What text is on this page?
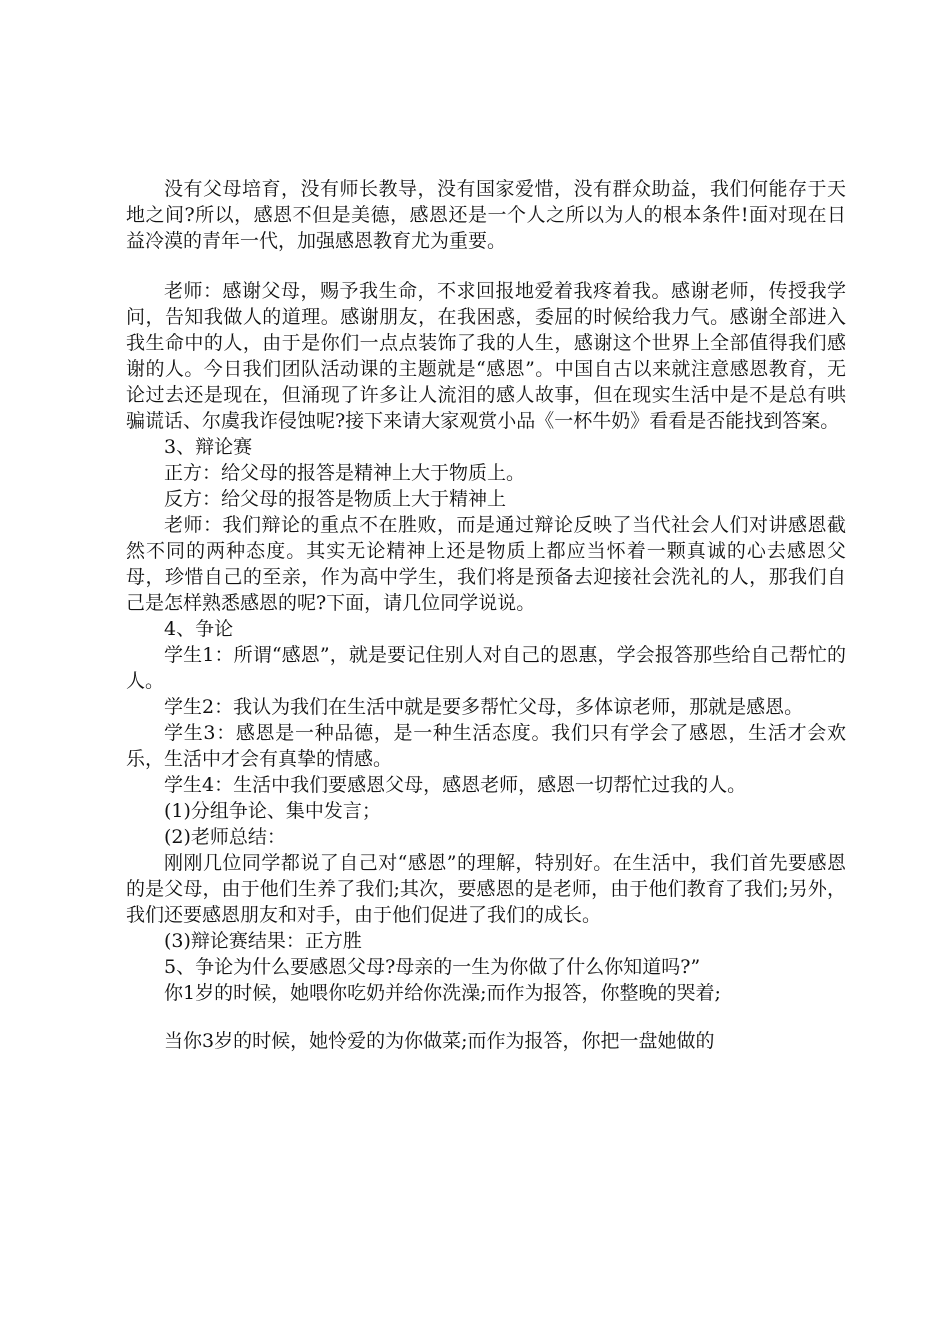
没有父母培育，没有师长教导，没有国家爱惜，没有群众助益，我们何能存于天地之间?所以，感恩不但是美德，感恩还是一个人之所以为人的根本条件!面对现在日益冷漠的青年一代，加强感恩教育尤为重要。

老师：感谢父母，赐予我生命，不求回报地爱着我疼着我。感谢老师，传授我学问，告知我做人的道理。感谢朋友，在我困惑，委屈的时候给我力气。感谢全部进入我生命中的人，由于是你们一点点装饰了我的人生，感谢这个世界上全部值得我们感谢的人。今日我们团队活动课的主题就是“感恩”。中国自古以来就注意感恩教育，无论过去还是现在，但涌现了许多让人流泪的感人故事，但在现实生活中是不是总有哄骗谎话、尔虞我诈侵蚀呢?接下来请大家观赏小品《一杯牛奶》看看是否能找到答案。

3、辩论赛

正方：给父母的报答是精神上大于物质上。

反方：给父母的报答是物质上大于精神上

老师：我们辩论的重点不在胜败，而是通过辩论反映了当代社会人们对讲感恩截然不同的两种态度。其实无论精神上还是物质上都应当怀着一颗真诚的心去感恩父母，珍惜自己的至亲，作为高中学生，我们将是预备去迎接社会洗礼的人，那我们自己是怎样熟悉感恩的呢?下面，请几位同学说说。

4、争论

学生1：所谓“感恩”，就是要记住别人对自己的恩惠，学会报答那些给自己帮忙的人。

学生2：我认为我们在生活中就是要多帮忙父母，多体谅老师，那就是感恩。

学生3：感恩是一种品德，是一种生活态度。我们只有学会了感恩，生活才会欢乐，生活中才会有真挚的情感。

学生4：生活中我们要感恩父母，感恩老师，感恩一切帮忙过我的人。

(1)分组争论、集中发言；

(2)老师总结：

刚刚几位同学都说了自己对“感恩”的理解，特别好。在生活中，我们首先要感恩的是父母，由于他们生养了我们;其次，要感恩的是老师，由于他们教育了我们;另外，我们还要感恩朋友和对手，由于他们促进了我们的成长。

(3)辩论赛结果：正方胜

5、争论为什么要感恩父母?母亲的一生为你做了什么你知道吗?”

你1岁的时候，她喂你吃奶并给你洗澡;而作为报答，你整晚的哭着;

当你3岁的时候，她怜爱的为你做菜;而作为报答，你把一盘她做的
